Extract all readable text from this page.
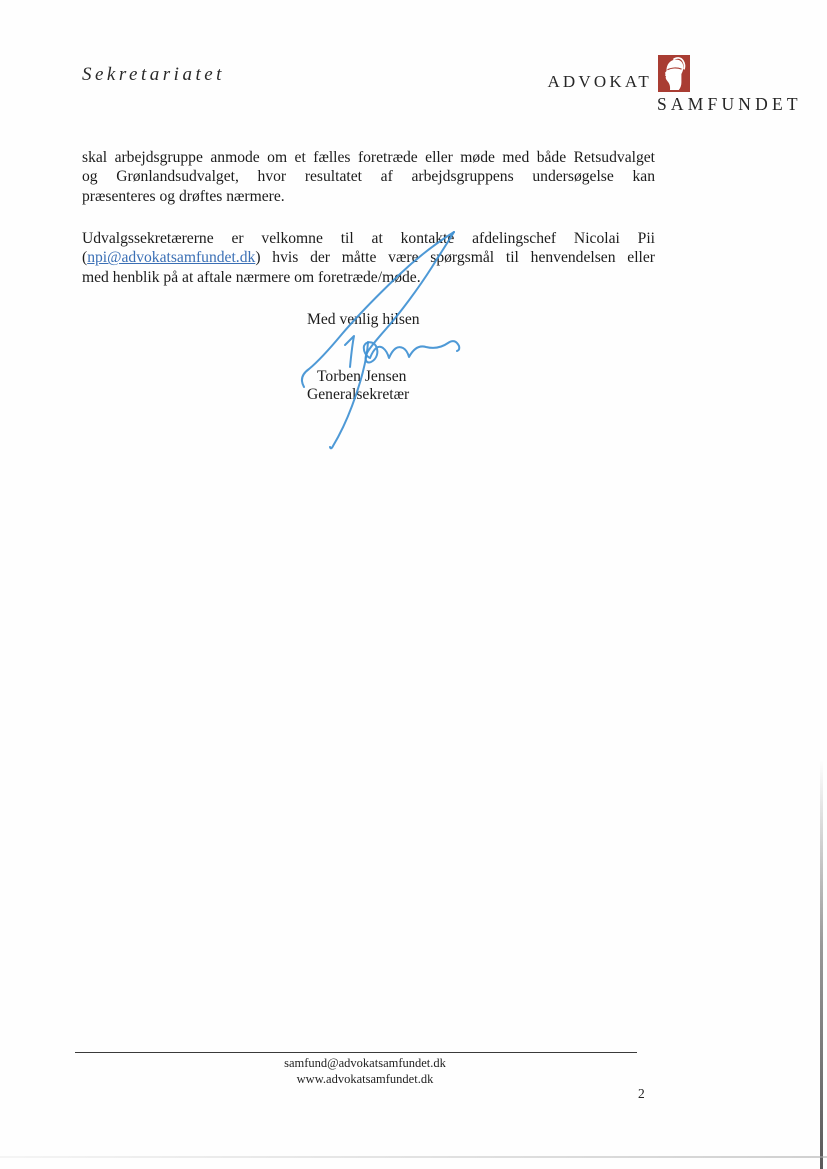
Sekretariatet	ADVOKAT
SAMFUNDET
skal arbejdsgruppe anmode om et fælles foretræde eller møde med både Retsudvalget
og Grønlandsudvalget, hvor resultatet af arbejdsgruppens undersøgelse kan
præsenteres og drøftes nærmere.
Udvalgssekretærerne er velkomne til at kontakte afdelingschef Nicolai Pii
(npi@advokatsamfundet.dk) hvis der måtte være spørgsmål til henvendelsen eller
med henblik på at aftale nærmere om foretræde/møde.
Med venlig hilsen
Torben Jensen
Generalsekretær
samfund@advokatsamfundet.dk
www.advokatsamfundet.dk
2
